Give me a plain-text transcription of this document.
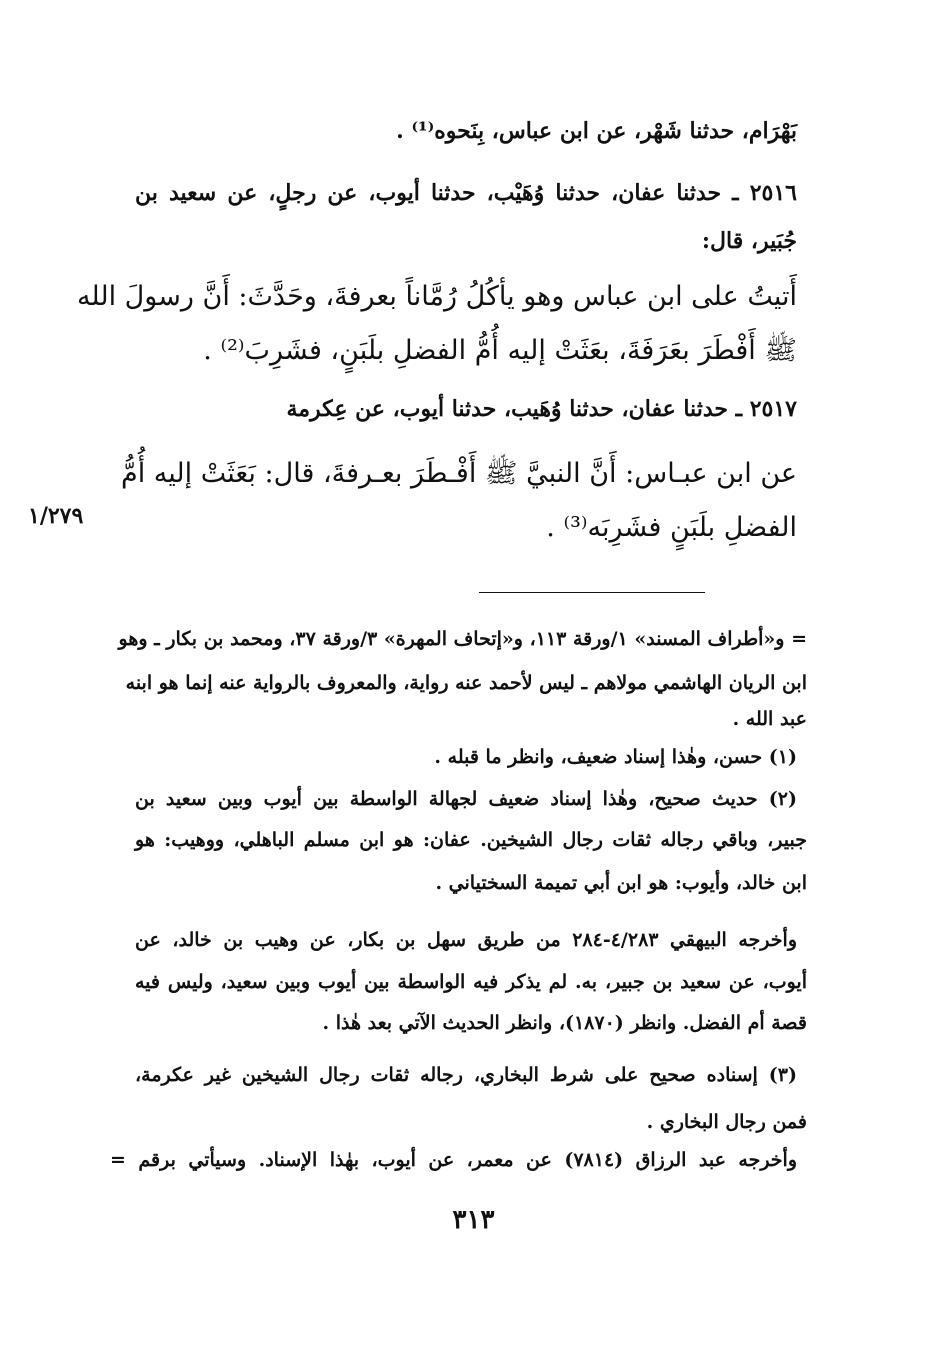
بَهْرَام، حدثنا شَهْر، عن ابن عباس، بِنَحوه⁽¹⁾ .
٢٥١٦ ـ حدثنا عفان، حدثنا وُهَيْب، حدثنا أيوب، عن رجلٍ، عن سعيد بن
جُبَير، قال:
أَتيتُ على ابن عباس وهو يأكُلُ رُمَّاناً بعرفةَ، وحَدَّثَ: أَنَّ رسولَ الله
ﷺ أَفْطَرَ بعَرَفَةَ، بعَثَتْ إليه أُمُّ الفضلِ بلَبَنٍ، فشَرِبَ⁽²⁾ .
٢٥١٧ ـ حدثنا عفان، حدثنا وُهَيب، حدثنا أيوب، عن عِكرمة
عن ابن عبـاس: أَنَّ النبيَّ ﷺ أَفْـطَرَ بعـرفةَ، قال: بَعَثَتْ إليه أُمُّ
الفضلِ بلَبَنٍ فشَرِبَه⁽³⁾ .
١/٢٧٩
= و«أطراف المسند» ١/ورقة ١١٣، و«إتحاف المهرة» ٣/ورقة ٣٧، ومحمد بن بكار ـ وهو
ابن الريان الهاشمي مولاهم ـ ليس لأحمد عنه رواية، والمعروف بالرواية عنه إنما هو ابنه
عبد الله .
(١) حسن، وهٰذا إسناد ضعيف، وانظر ما قبله .
(٢) حديث صحيح، وهٰذا إسناد ضعيف لجهالة الواسطة بين أيوب وبين سعيد بن
جبير، وباقي رجاله ثقات رجال الشيخين. عفان: هو ابن مسلم الباهلي، ووهيب: هو
ابن خالد، وأيوب: هو ابن أبي تميمة السختياني .
وأخرجه البيهقي ٤/٢٨٣-٢٨٤ من طريق سهل بن بكار، عن وهيب بن خالد، عن
أيوب، عن سعيد بن جبير، به. لم يذكر فيه الواسطة بين أيوب وبين سعيد، وليس فيه
قصة أم الفضل. وانظر (١٨٧٠)، وانظر الحديث الآتي بعد هٰذا .
(٣) إسناده صحيح على شرط البخاري، رجاله ثقات رجال الشيخين غير عكرمة،
فمن رجال البخاري .
وأخرجه عبد الرزاق (٧٨١٤) عن معمر، عن أيوب، بهٰذا الإسناد. وسيأتي برقم =
٣١٣
